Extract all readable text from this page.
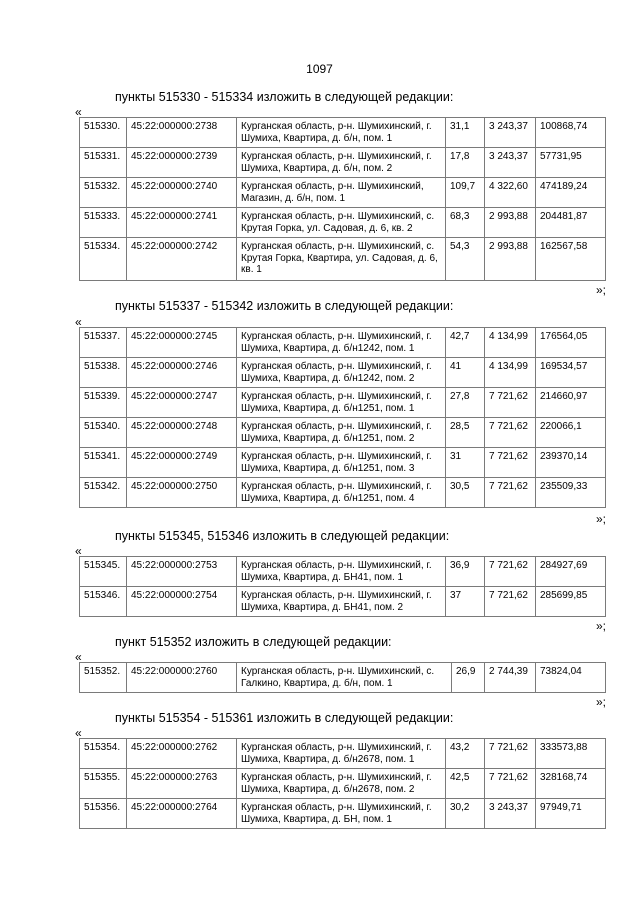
1097
пункты 515330 - 515334 изложить в следующей редакции:
«
515330.	45:22:000000:2738	Курганская область, р-н. Шумихинский, г. Шумиха, Квартира, д. б/н, пом. 1	31,1	3 243,37	100868,74
515331.	45:22:000000:2739	Курганская область, р-н. Шумихинский, г. Шумиха, Квартира, д. б/н, пом. 2	17,8	3 243,37	57731,95
515332.	45:22:000000:2740	Курганская область, р-н. Шумихинский, Магазин, д. б/н, пом. 1	109,7	4 322,60	474189,24
515333.	45:22:000000:2741	Курганская область, р-н. Шумихинский, с. Крутая Горка, ул. Садовая, д. 6, кв. 2	68,3	2 993,88	204481,87
515334.	45:22:000000:2742	Курганская область, р-н. Шумихинский, с. Крутая Горка, Квартира, ул. Садовая, д. 6, кв. 1	54,3	2 993,88	162567,58
»;
пункты 515337 - 515342 изложить в следующей редакции:
«
515337.	45:22:000000:2745	Курганская область, р-н. Шумихинский, г. Шумиха, Квартира, д. б/н1242, пом. 1	42,7	4 134,99	176564,05
515338.	45:22:000000:2746	Курганская область, р-н. Шумихинский, г. Шумиха, Квартира, д. б/н1242, пом. 2	41	4 134,99	169534,57
515339.	45:22:000000:2747	Курганская область, р-н. Шумихинский, г. Шумиха, Квартира, д. б/н1251, пом. 1	27,8	7 721,62	214660,97
515340.	45:22:000000:2748	Курганская область, р-н. Шумихинский, г. Шумиха, Квартира, д. б/н1251, пом. 2	28,5	7 721,62	220066,1
515341.	45:22:000000:2749	Курганская область, р-н. Шумихинский, г. Шумиха, Квартира, д. б/н1251, пом. 3	31	7 721,62	239370,14
515342.	45:22:000000:2750	Курганская область, р-н. Шумихинский, г. Шумиха, Квартира, д. б/н1251, пом. 4	30,5	7 721,62	235509,33
»;
пункты 515345, 515346 изложить в следующей редакции:
«
515345.	45:22:000000:2753	Курганская область, р-н. Шумихинский, г. Шумиха, Квартира, д. БН41, пом. 1	36,9	7 721,62	284927,69
515346.	45:22:000000:2754	Курганская область, р-н. Шумихинский, г. Шумиха, Квартира, д. БН41, пом. 2	37	7 721,62	285699,85
»;
пункт 515352 изложить в следующей редакции:
«
515352.	45:22:000000:2760	Курганская область, р-н. Шумихинский, с. Галкино, Квартира, д. б/н, пом. 1	26,9	2 744,39	73824,04
»;
пункты 515354 - 515361 изложить в следующей редакции:
«
515354.	45:22:000000:2762	Курганская область, р-н. Шумихинский, г. Шумиха, Квартира, д. б/н2678, пом. 1	43,2	7 721,62	333573,88
515355.	45:22:000000:2763	Курганская область, р-н. Шумихинский, г. Шумиха, Квартира, д. б/н2678, пом. 2	42,5	7 721,62	328168,74
515356.	45:22:000000:2764	Курганская область, р-н. Шумихинский, г. Шумиха, Квартира, д. БН, пом. 1	30,2	3 243,37	97949,71
